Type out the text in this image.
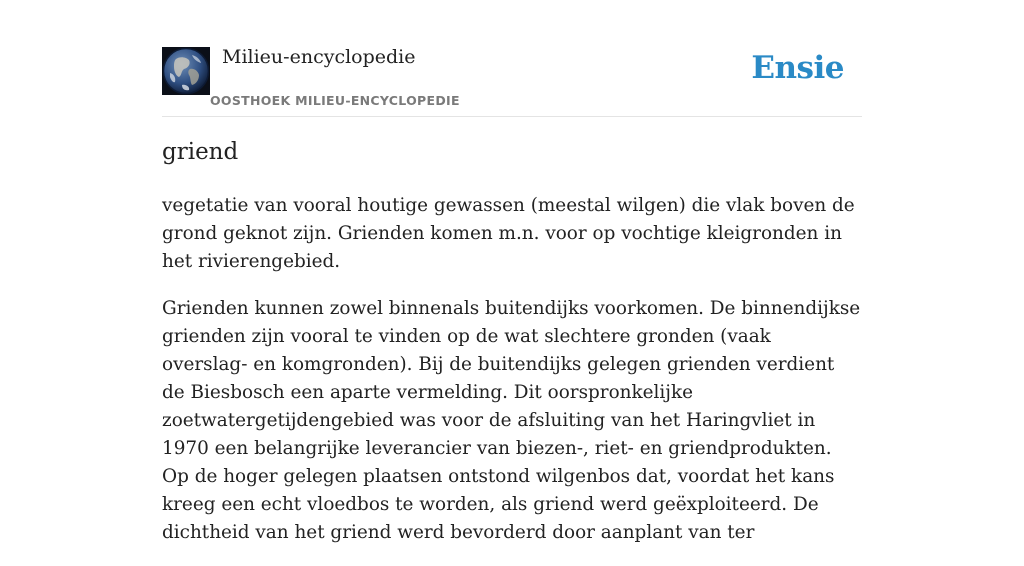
Milieu-encyclopedie
OOSTHOEK MILIEU-ENCYCLOPEDIE
Ensie
griend

vegetatie van vooral houtige gewassen (meestal wilgen) die vlak boven de grond geknot zijn. Grienden komen m.n. voor op vochtige kleigronden in het rivierengebied.

Grienden kunnen zowel binnenals buitendijks voorkomen. De binnendijkse grienden zijn vooral te vinden op de wat slechtere gronden (vaak overslag- en komgronden). Bij de buitendijks gelegen grienden verdient de Biesbosch een aparte vermelding. Dit oorspronkelijke zoetwatergetijdengebied was voor de afsluiting van het Haringvliet in 1970 een belangrijke leverancier van biezen-, riet- en griendprodukten. Op de hoger gelegen plaatsen ontstond wilgenbos dat, voordat het kans kreeg een echt vloedbos te worden, als griend werd geëxploiteerd. De dichtheid van het griend werd bevorderd door aanplant van ter
